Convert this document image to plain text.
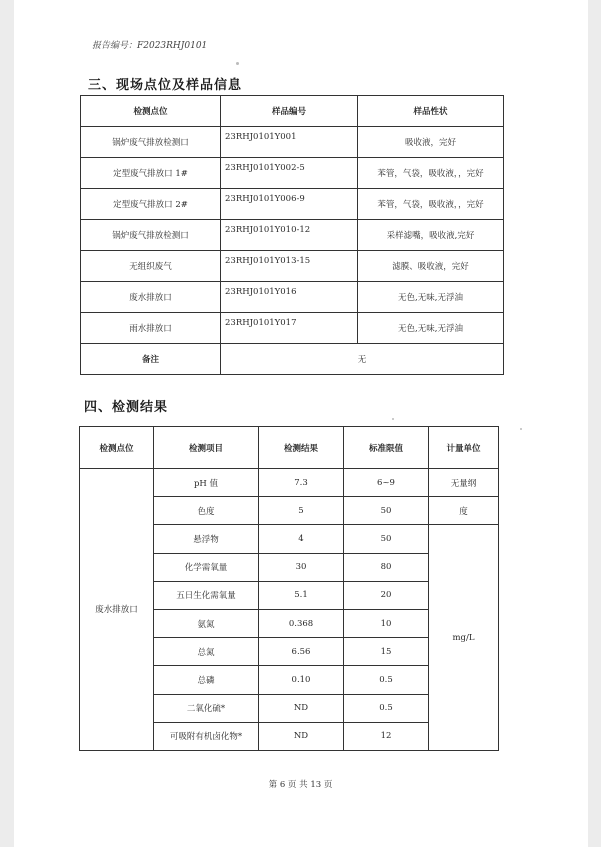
报告编号：F2023RHJ0101
三、现场点位及样品信息
检测点位	样品编号	样品性状
锅炉废气排放检测口	23RHJ0101Y001	吸收液，完好
定型废气排放口 1#	23RHJ0101Y002-5	苯管，气袋，吸收液，，完好
定型废气排放口 2#	23RHJ0101Y006-9	苯管，气袋，吸收液，，完好
锅炉废气排放检测口	23RHJ0101Y010-12	采样滤嘴，吸收液,完好
无组织废气	23RHJ0101Y013-15	滤膜、吸收液，完好
废水排放口	23RHJ0101Y016	无色,无味,无浮油
雨水排放口	23RHJ0101Y017	无色,无味,无浮油
备注	无	
四、检测结果
检测点位	检测项目	检测结果	标准限值	计量单位
废水排放口	pH 值	7.3	6~9	无量纲
	色度	5	50	度
	悬浮物	4	50	mg/L
	化学需氧量	30	80	
	五日生化需氧量	5.1	20	
	氨氮	0.368	10	
	总氮	6.56	15	
	总磷	0.10	0.5	
	二氧化硫*	ND	0.5	
	可吸附有机卤化物*	ND	12	
第 6 页 共 13 页
